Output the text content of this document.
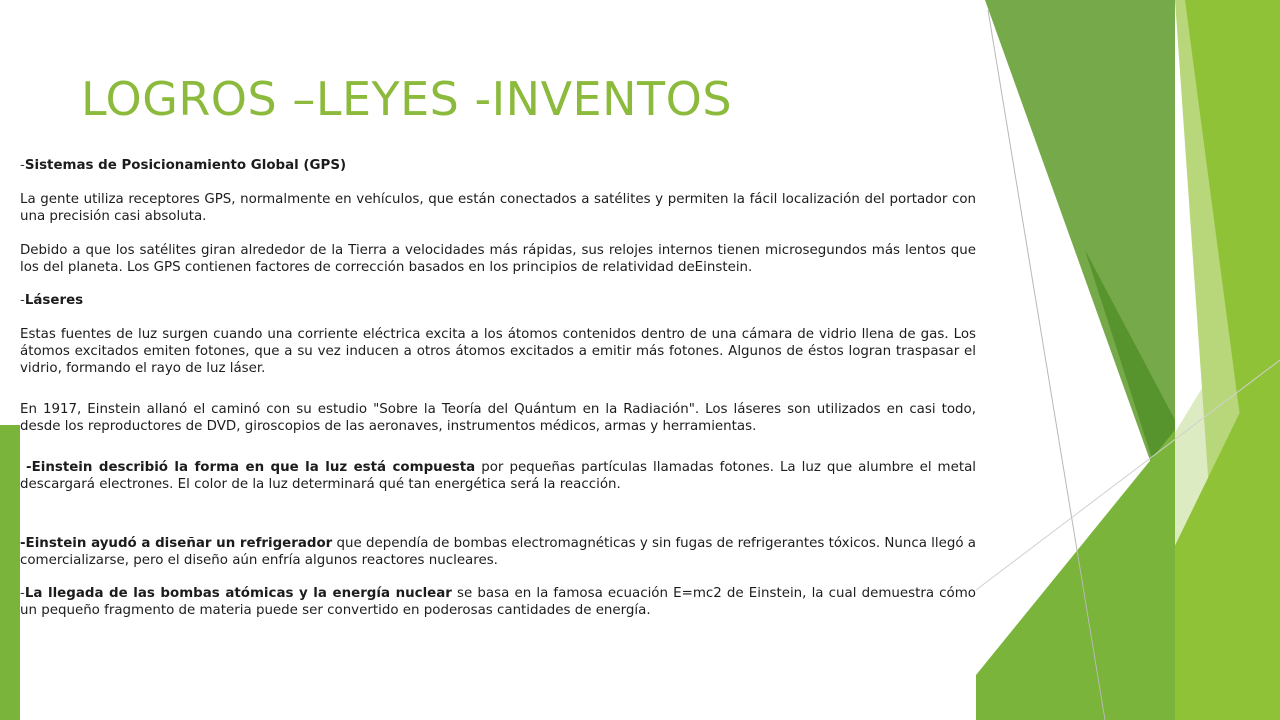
LOGROS –LEYES -INVENTOS

-Sistemas de Posicionamiento Global (GPS)

La gente utiliza receptores GPS, normalmente en vehículos, que están conectados a satélites y permiten la fácil localización del portador con una precisión casi absoluta.

Debido a que los satélites giran alrededor de la Tierra a velocidades más rápidas, sus relojes internos tienen microsegundos más lentos que los del planeta. Los GPS contienen factores de corrección basados en los principios de relatividad deEinstein.

-Láseres

Estas fuentes de luz surgen cuando una corriente eléctrica excita a los átomos contenidos dentro de una cámara de vidrio llena de gas. Los átomos excitados emiten fotones, que a su vez inducen a otros átomos excitados a emitir más fotones. Algunos de éstos logran traspasar el vidrio, formando el rayo de luz láser.

En 1917, Einstein allanó el caminó con su estudio "Sobre la Teoría del Quántum en la Radiación". Los láseres son utilizados en casi todo, desde los reproductores de DVD, giroscopios de las aeronaves, instrumentos médicos, armas y herramientas.

-Einstein describió la forma en que la luz está compuesta por pequeñas partículas llamadas fotones. La luz que alumbre el metal descargará electrones. El color de la luz determinará qué tan energética será la reacción.

-Einstein ayudó a diseñar un refrigerador que dependía de bombas electromagnéticas y sin fugas de refrigerantes tóxicos. Nunca llegó a comercializarse, pero el diseño aún enfría algunos reactores nucleares.

-La llegada de las bombas atómicas y la energía nuclear se basa en la famosa ecuación E=mc2 de Einstein, la cual demuestra cómo un pequeño fragmento de materia puede ser convertido en poderosas cantidades de energía.
